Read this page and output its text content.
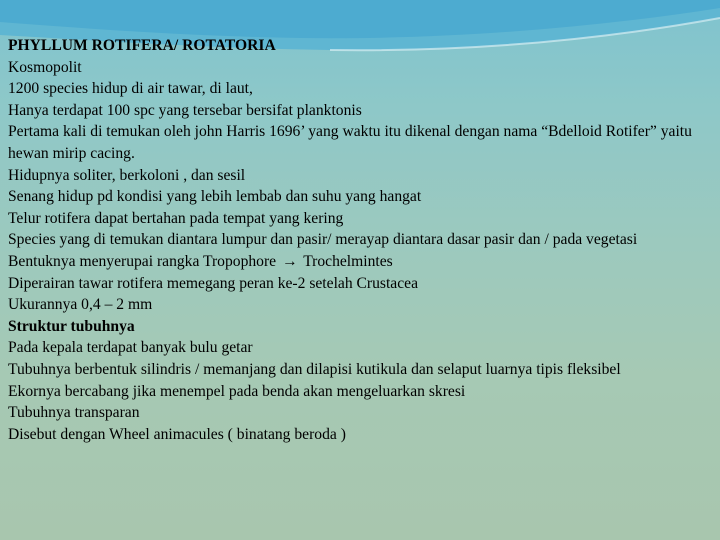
PHYLLUM ROTIFERA/ ROTATORIA
Kosmopolit
1200 species hidup di air tawar, di laut,
Hanya terdapat 100 spc yang tersebar bersifat planktonis
Pertama kali di temukan oleh john Harris 1696’ yang waktu itu dikenal dengan nama “Bdelloid Rotifer” yaitu hewan mirip cacing.
Hidupnya soliter, berkoloni , dan sesil
Senang hidup pd kondisi yang lebih lembab dan suhu yang hangat
Telur rotifera dapat bertahan pada tempat yang kering
Species yang di temukan diantara lumpur dan pasir/ merayap diantara dasar pasir dan / pada vegetasi
Bentuknya menyerupai rangka Tropophore → Trochelmintes
Diperairan tawar rotifera memegang peran ke-2 setelah Crustacea
Ukurannya 0,4 – 2 mm
Struktur tubuhnya
Pada kepala terdapat banyak bulu getar
Tubuhnya berbentuk silindris / memanjang dan dilapisi kutikula dan selaput luarnya tipis fleksibel
Ekornya bercabang jika menempel pada benda akan mengeluarkan skresi
Tubuhnya transparan
Disebut dengan Wheel animacules ( binatang beroda )
